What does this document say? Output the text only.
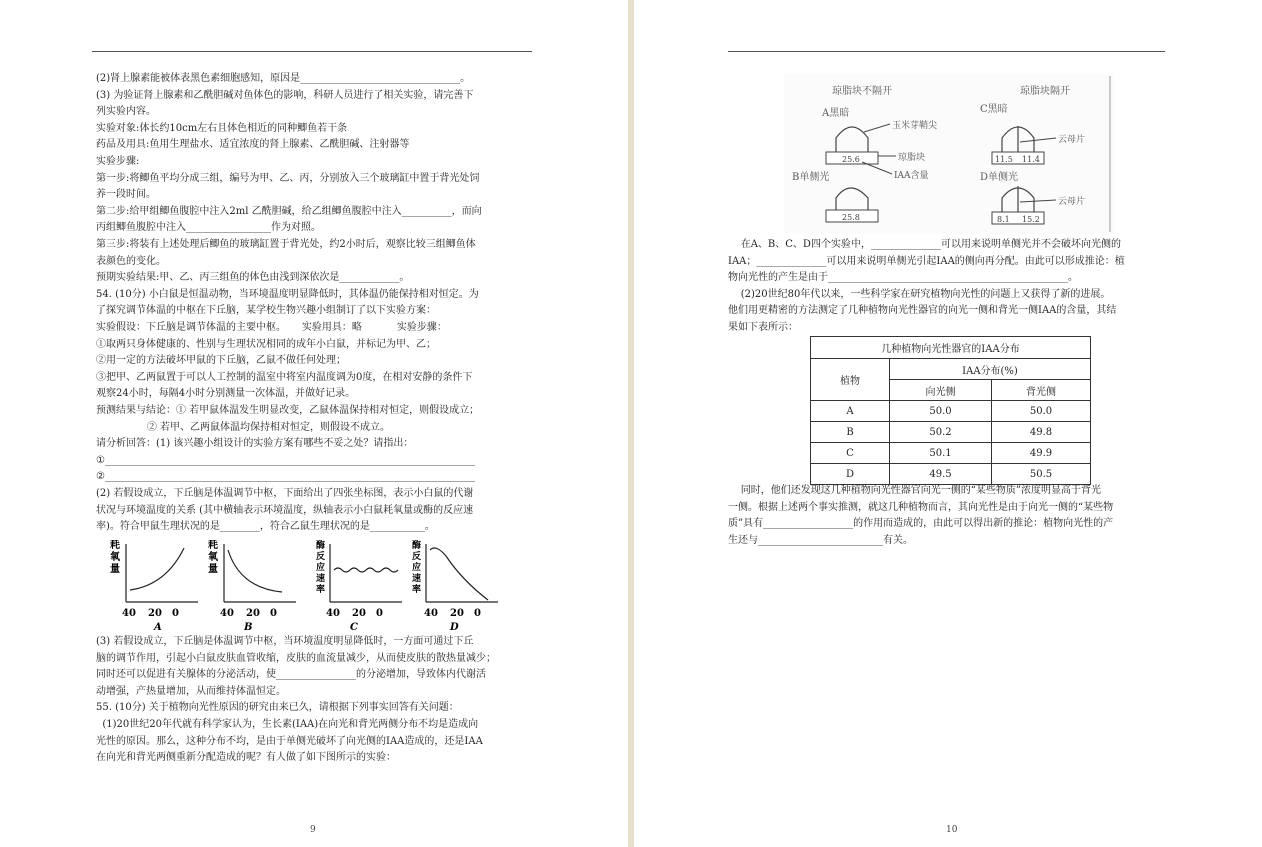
(2)肾上腺素能被体表黑色素细胞感知，原因是________________________________。
(3) 为验证肾上腺素和乙酰胆碱对鱼体色的影响，科研人员进行了相关实验，请完善下
列实验内容。
实验对象:体长约10cm左右且体色相近的同种鲫鱼若干条
药品及用具:鱼用生理盐水、适宜浓度的肾上腺素、乙酰胆碱、注射器等
实验步骤:
第一步:将鲫鱼平均分成三组，编号为甲、乙、丙，分别放入三个玻璃缸中置于背光处饲
养一段时间。
第二步:给甲组鲫鱼腹腔中注入2ml 乙酰胆碱，给乙组鲫鱼腹腔中注入__________，而向
丙组鲫鱼腹腔中注入_________________作为对照。
第三步:将装有上述处理后鲫鱼的玻璃缸置于背光处，约2小时后，观察比较三组鲫鱼体
表颜色的变化。
预期实验结果:甲、乙、丙三组鱼的体色由浅到深依次是____________。
54. (10分) 小白鼠是恒温动物，当环境温度明显降低时，其体温仍能保持相对恒定。为
了探究调节体温的中枢在下丘脑，某学校生物兴趣小组制订了以下实验方案：
实验假设：下丘脑是调节体温的主要中枢。     实验用具：略           实验步骤：
①取两只身体健康的、性别与生理状况相同的成年小白鼠，并标记为甲、乙；
②用一定的方法破坏甲鼠的下丘脑，乙鼠不做任何处理；
③把甲、乙两鼠置于可以人工控制的温室中将室内温度调为0度，在相对安静的条件下
观察24小时，每隔4小时分别测量一次体温，并做好记录。
预测结果与结论：① 若甲鼠体温发生明显改变，乙鼠体温保持相对恒定，则假设成立；
② 若甲、乙两鼠体温均保持相对恒定，则假设不成立。
请分析回答：(1) 该兴趣小组设计的实验方案有哪些不妥之处？请指出：
①__________________________________________________________________________
②__________________________________________________________________________
(2) 若假设成立，下丘脑是体温调节中枢，下面给出了四张坐标图，表示小白鼠的代谢
状况与环境温度的关系 (其中横轴表示环境温度，纵轴表示小白鼠耗氧量或酶的反应速
率)。符合甲鼠生理状况的是________，符合乙鼠生理状况的是___________。
(3) 若假设成立，下丘脑是体温调节中枢，当环境温度明显降低时，一方面可通过下丘
脑的调节作用，引起小白鼠皮肤血管收缩，皮肤的血流量减少，从而使皮肤的散热量减少；
同时还可以促进有关腺体的分泌活动，使________________的分泌增加，导致体内代谢活
动增强，产热量增加，从而维持体温恒定。
55. (10分) 关于植物向光性原因的研究由来已久，请根据下列事实回答有关问题：
(1)20世纪20年代就有科学家认为，生长素(IAA)在向光和背光两侧分布不均是造成向
光性的原因。那么，这种分布不均，是由于单侧光破坏了向光侧的IAA造成的，还是IAA
在向光和背光两侧重新分配造成的呢？有人做了如下图所示的实验：
耗
氧
量
40 20 0
A
耗
氧
量
40 20 0
B
酶
反
应
速
率
40 20 0
C
酶
反
应
速
率
40 20 0
D
9
琼脂块不隔开	琼脂块隔开
A黑暗
25.6
玉米芽鞘尖
琼脂块
IAA含量
B单侧光
25.8
C黑暗
11.5 11.4
云母片
D单侧光
8.1 15.2
云母片
在A、B、C、D四个实验中，______________可以用来说明单侧光并不会破坏向光侧的
IAA；______________可以用来说明单侧光引起IAA的侧向再分配。由此可以形成推论：植
物向光性的产生是由于________________________________________________。
(2)20世纪80年代以来，一些科学家在研究植物向光性的问题上又获得了新的进展。
他们用更精密的方法测定了几种植物向光性器官的向光一侧和背光一侧IAA的含量，其结
果如下表所示：
几种植物向光性器官的IAA分布		
植物	IAA分布(%)	
	向光侧	背光侧
A	50.0	50.0
B	50.2	49.8
C	50.1	49.9
D	49.5	50.5
同时，他们还发现这几种植物向光性器官向光一侧的“某些物质”浓度明显高于背光
一侧。根据上述两个事实推测，就这几种植物而言，其向光性是由于向光一侧的“某些物
质”具有__________________的作用而造成的，由此可以得出新的推论：植物向光性的产
生还与_________________________有关。
10
